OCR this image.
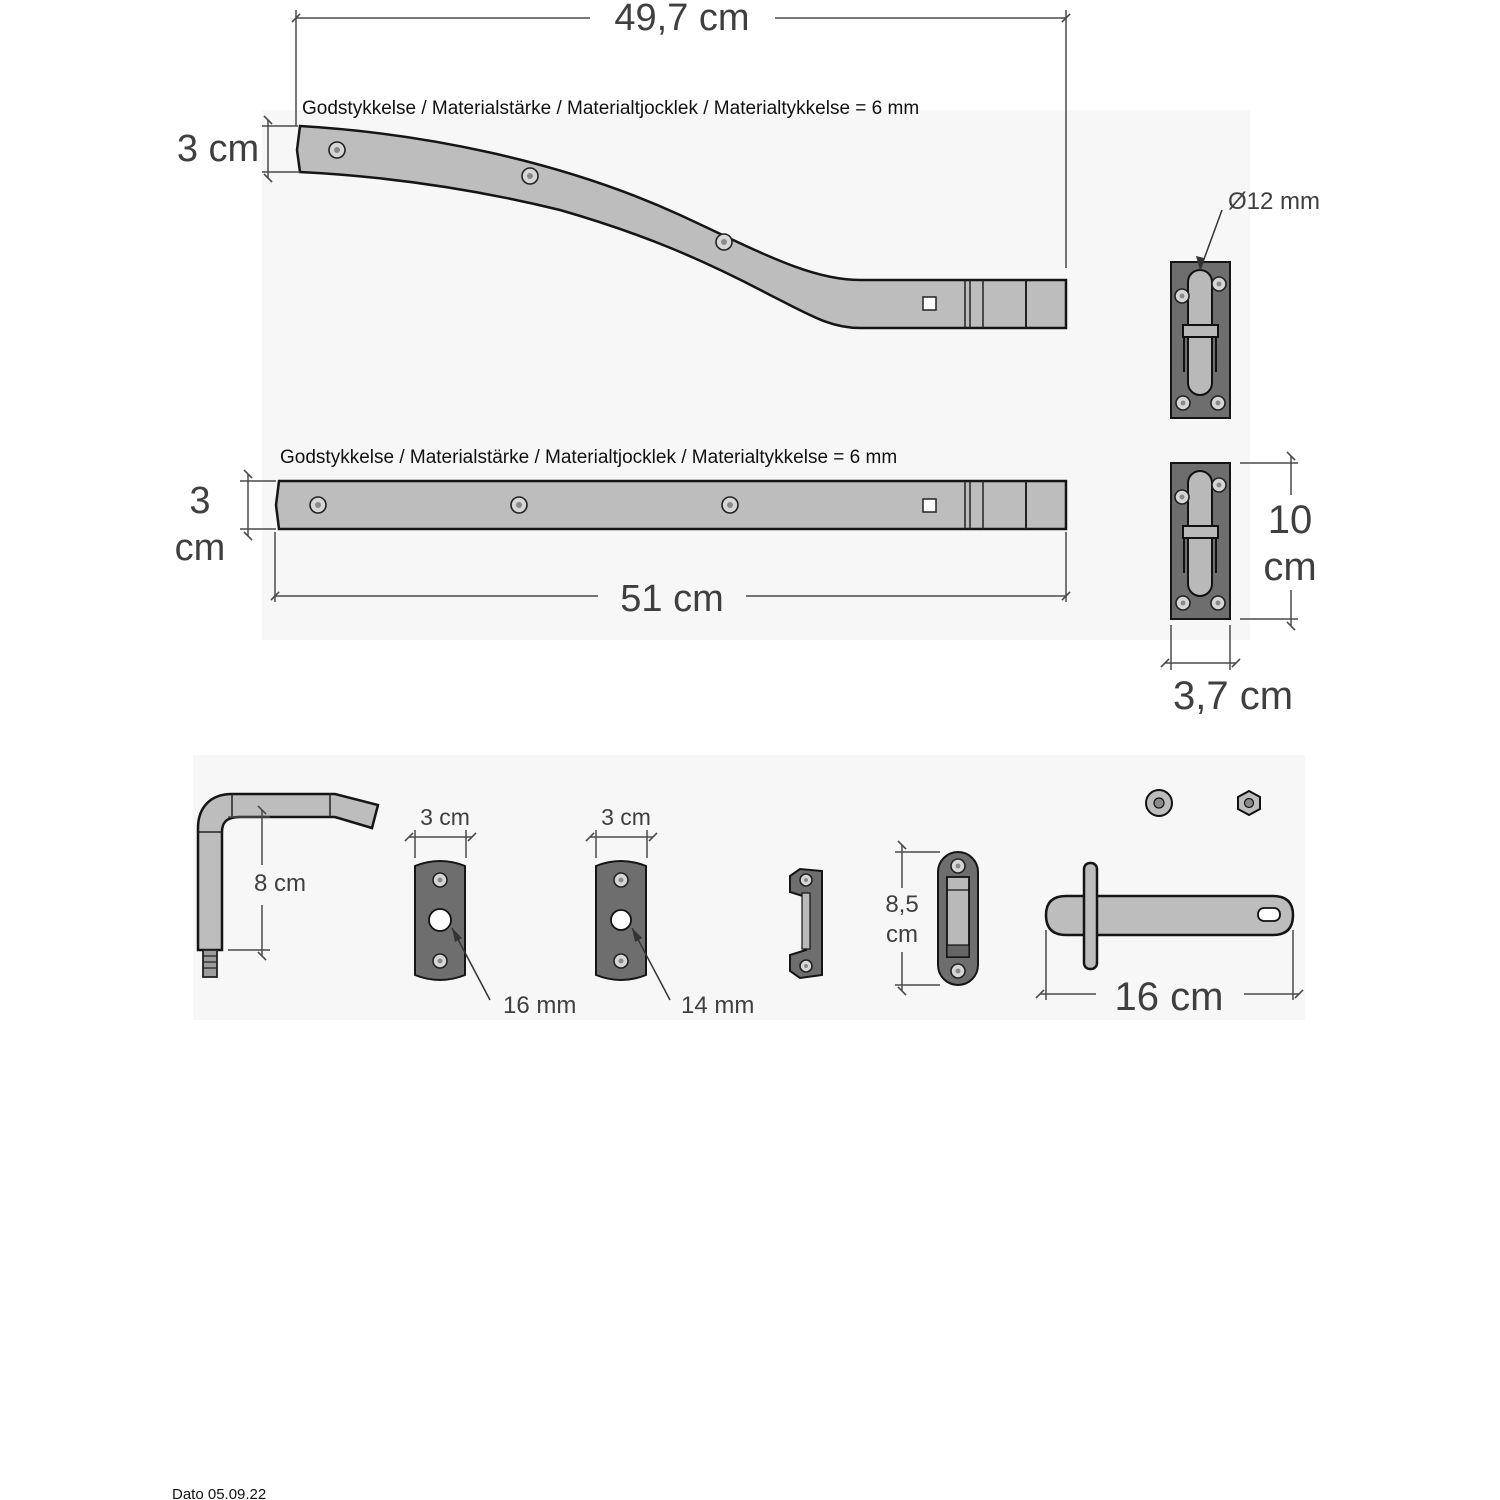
49,7 cm
3 cm
Godstykkelse / Materialstärke / Materialtjocklek / Materialtykkelse = 6 mm
Godstykkelse / Materialstärke / Materialtjocklek / Materialtykkelse = 6 mm
3
cm
51 cm
Ø12 mm
10
cm
3,7 cm
8 cm
3 cm
16 mm
3 cm
14 mm
8,5
cm
16 cm
Dato 05.09.22
